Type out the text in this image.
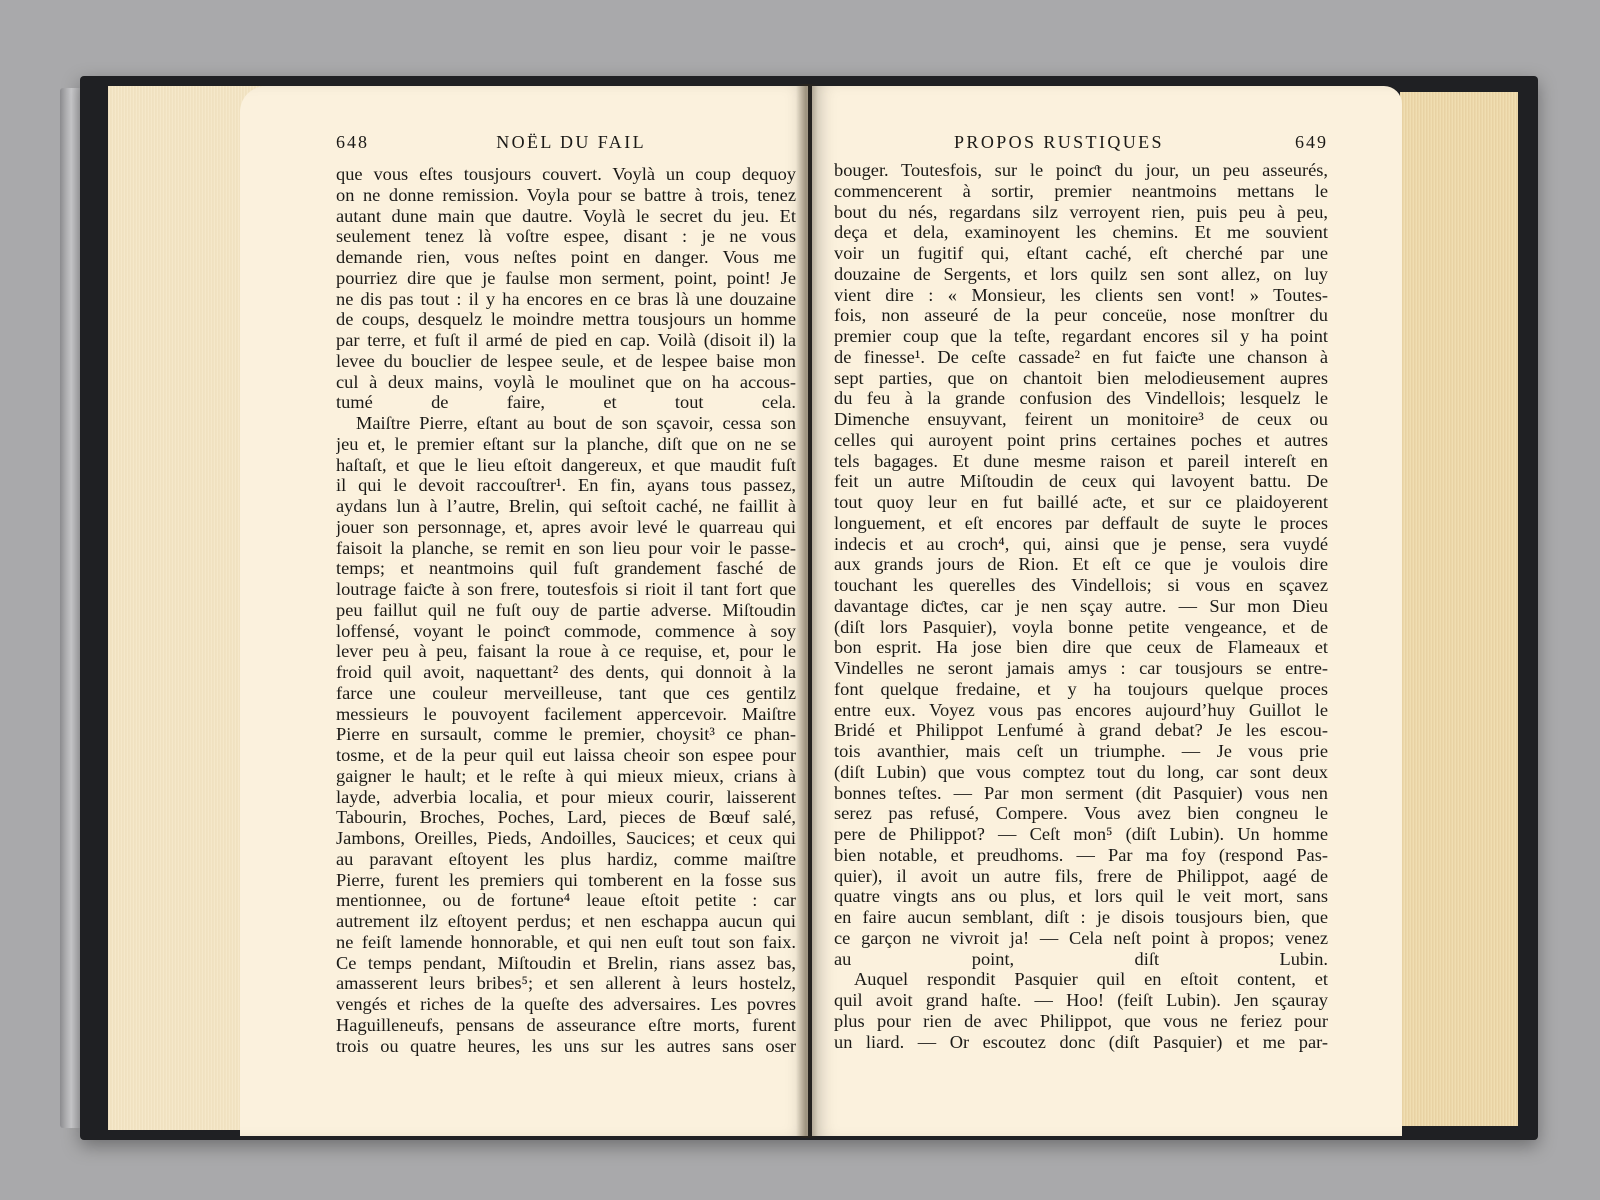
648	NOËL DU FAIL
que vous eſtes tousjours couvert. Voylà un coup dequoy
on ne donne remission. Voyla pour se battre à trois, tenez
autant dune main que dautre. Voylà le secret du jeu. Et
seulement tenez là voſtre espee, disant : je ne vous
demande rien, vous neſtes point en danger. Vous me
pourriez dire que je faulse mon serment, point, point! Je
ne dis pas tout : il y ha encores en ce bras là une douzaine
de coups, desquelz le moindre mettra tousjours un homme
par terre, et fuſt il armé de pied en cap. Voilà (disoit il) la
levee du bouclier de lespee seule, et de lespee baise mon
cul à deux mains, voylà le moulinet que on ha accous-
tumé de faire, et tout cela.
Maiſtre Pierre, eſtant au bout de son sçavoir, cessa son
jeu et, le premier eſtant sur la planche, diſt que on ne se
haſtaſt, et que le lieu eſtoit dangereux, et que maudit fuſt
il qui le devoit raccouſtrer¹. En fin, ayans tous passez,
aydans lun à l’autre, Brelin, qui seſtoit caché, ne faillit à
jouer son personnage, et, apres avoir levé le quarreau qui
faisoit la planche, se remit en son lieu pour voir le passe-
temps; et neantmoins quil fuſt grandement fasché de
loutrage faiƈte à son frere, toutesfois si rioit il tant fort que
peu faillut quil ne fuſt ouy de partie adverse. Miſtoudin
loffensé, voyant le poinƈt commode, commence à soy
lever peu à peu, faisant la roue à ce requise, et, pour le
froid quil avoit, naquettant² des dents, qui donnoit à la
farce une couleur merveilleuse, tant que ces gentilz
messieurs le pouvoyent facilement appercevoir. Maiſtre
Pierre en sursault, comme le premier, choysit³ ce phan-
tosme, et de la peur quil eut laissa cheoir son espee pour
gaigner le hault; et le reſte à qui mieux mieux, crians à
layde, adverbia localia, et pour mieux courir, laisserent
Tabourin, Broches, Poches, Lard, pieces de Bœuf salé,
Jambons, Oreilles, Pieds, Andoilles, Saucices; et ceux qui
au paravant eſtoyent les plus hardiz, comme maiſtre
Pierre, furent les premiers qui tomberent en la fosse sus
mentionnee, ou de fortune⁴ leaue eſtoit petite : car
autrement ilz eſtoyent perdus; et nen eschappa aucun qui
ne feiſt lamende honnorable, et qui nen euſt tout son faix.
Ce temps pendant, Miſtoudin et Brelin, rians assez bas,
amasserent leurs bribes⁵; et sen allerent à leurs hostelz,
vengés et riches de la queſte des adversaires. Les povres
Haguilleneufs, pensans de asseurance eſtre morts, furent
trois ou quatre heures, les uns sur les autres sans oser
PROPOS RUSTIQUES	649
bouger. Toutesfois, sur le poinƈt du jour, un peu asseurés,
commencerent à sortir, premier neantmoins mettans le
bout du nés, regardans silz verroyent rien, puis peu à peu,
deça et dela, examinoyent les chemins. Et me souvient
voir un fugitif qui, eſtant caché, eſt cherché par une
douzaine de Sergents, et lors quilz sen sont allez, on luy
vient dire : « Monsieur, les clients sen vont! » Toutes-
fois, non asseuré de la peur conceüe, nose monſtrer du
premier coup que la teſte, regardant encores sil y ha point
de finesse¹. De ceſte cassade² en fut faiƈte une chanson à
sept parties, que on chantoit bien melodieusement aupres
du feu à la grande confusion des Vindellois; lesquelz le
Dimenche ensuyvant, feirent un monitoire³ de ceux ou
celles qui auroyent point prins certaines poches et autres
tels bagages. Et dune mesme raison et pareil intereſt en
feit un autre Miſtoudin de ceux qui lavoyent battu. De
tout quoy leur en fut baillé aƈte, et sur ce plaidoyerent
longuement, et eſt encores par deffault de suyte le proces
indecis et au croch⁴, qui, ainsi que je pense, sera vuydé
aux grands jours de Rion. Et eſt ce que je voulois dire
touchant les querelles des Vindellois; si vous en sçavez
davantage diƈtes, car je nen sçay autre. — Sur mon Dieu
(diſt lors Pasquier), voyla bonne petite vengeance, et de
bon esprit. Ha jose bien dire que ceux de Flameaux et
Vindelles ne seront jamais amys : car tousjours se entre-
font quelque fredaine, et y ha toujours quelque proces
entre eux. Voyez vous pas encores aujourd’huy Guillot le
Bridé et Philippot Lenfumé à grand debat? Je les escou-
tois avanthier, mais ceſt un triumphe. — Je vous prie
(diſt Lubin) que vous comptez tout du long, car sont deux
bonnes teſtes. — Par mon serment (dit Pasquier) vous nen
serez pas refusé, Compere. Vous avez bien congneu le
pere de Philippot? — Ceſt mon⁵ (diſt Lubin). Un homme
bien notable, et preudhoms. — Par ma foy (respond Pas-
quier), il avoit un autre fils, frere de Philippot, aagé de
quatre vingts ans ou plus, et lors quil le veit mort, sans
en faire aucun semblant, diſt : je disois tousjours bien, que
ce garçon ne vivroit ja! — Cela neſt point à propos; venez
au point, diſt Lubin.
Auquel respondit Pasquier quil en eſtoit content, et
quil avoit grand haſte. — Hoo! (feiſt Lubin). Jen sçauray
plus pour rien de avec Philippot, que vous ne feriez pour
un liard. — Or escoutez donc (diſt Pasquier) et me par-
